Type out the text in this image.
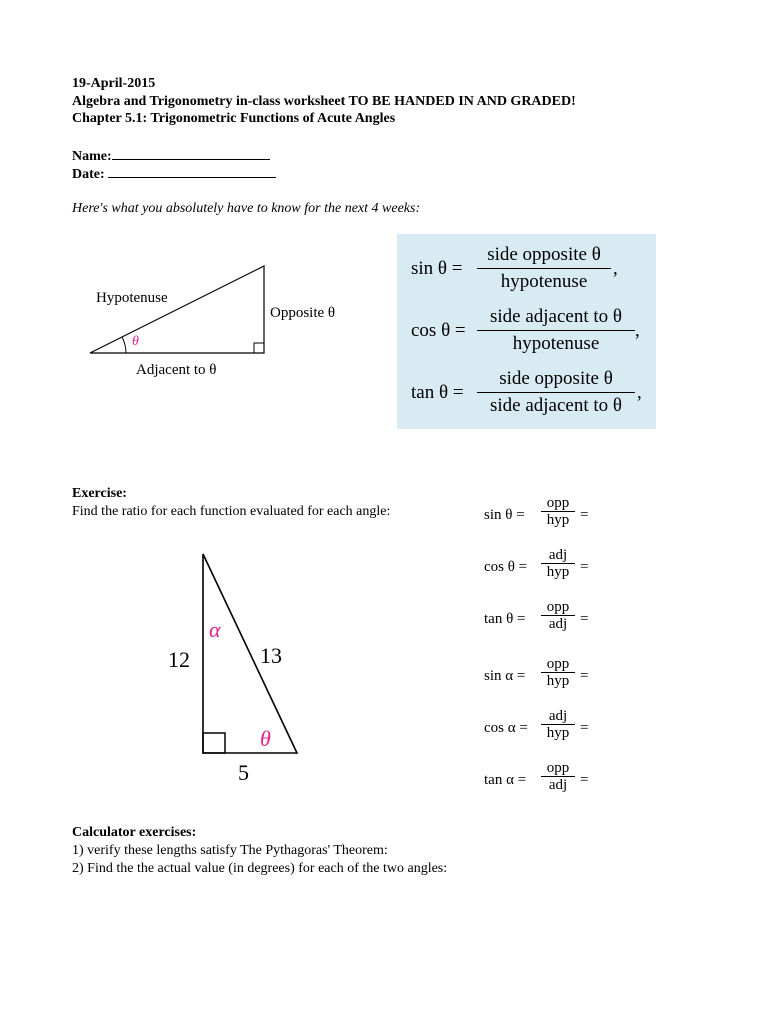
19-April-2015
Algebra and Trigonometry in-class worksheet TO BE HANDED IN AND GRADED!
Chapter 5.1: Trigonometric Functions of Acute Angles
Name:
Date:
Here's what you absolutely have to know for the next 4 weeks:
Hypotenuse
Opposite θ
Adjacent to θ
θ
sin θ =
side opposite θ
hypotenuse
,
cos θ =
side adjacent to θ
hypotenuse
,
tan θ =
side opposite θ
side adjacent to θ
,
Exercise:
Find the ratio for each function evaluated for each angle:
12	13
5
α
θ
sin θ =
opp
hyp =
cos θ =
adj
hyp =
tan θ =
opp
adj =
sin α =
opp
hyp =
cos α =
adj
hyp =
tan α =
opp
adj =
Calculator exercises:
1) verify these lengths satisfy The Pythagoras' Theorem:
2) Find the the actual value (in degrees) for each of the two angles:
